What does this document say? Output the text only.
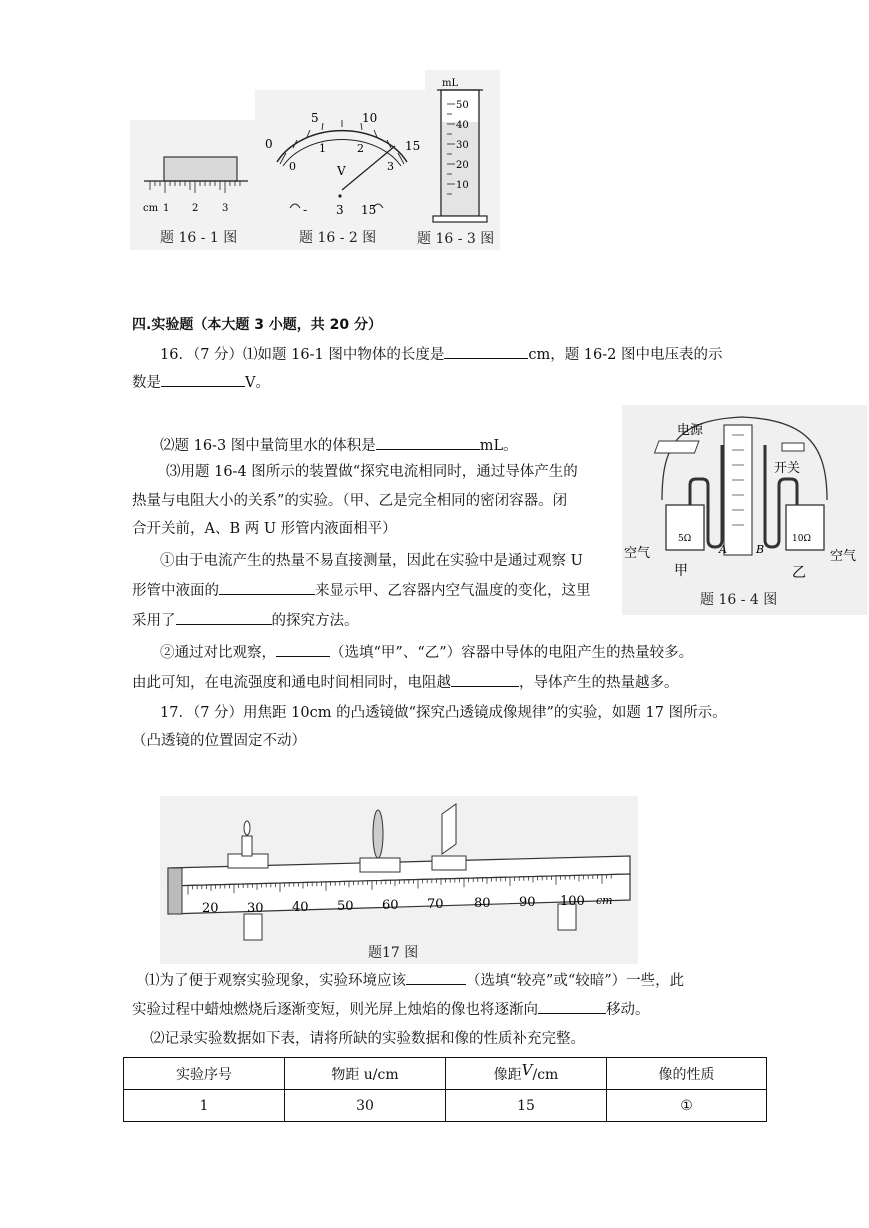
cm 1 2 3
题 16 - 1 图
0
5	10
15
0
1	2
3
V
- 3 15
题 16 - 2 图
mL
50
40
30
20
10
题 16 - 3 图
四.实验题（本大题 3 小题，共 20 分）
16．（7 分）⑴如题 16-1 图中物体的长度是	cm，题 16-2 图中电压表的示
数是	V。
⑵题 16-3 图中量筒里水的体积是	mL。
⑶用题 16-4 图所示的装置做“探究电流相同时，通过导体产生的
热量与电阻大小的关系”的实验。（甲、乙是完全相同的密闭容器。闭
合开关前，A、B 两 U 形管内液面相平）
①由于电流产生的热量不易直接测量，因此在实验中是通过观察 U
形管中液面的	来显示甲、乙容器内空气温度的变化，这里
采用了	的探究方法。
②通过对比观察，	（选填“甲”、“乙”）容器中导体的电阻产生的热量较多。
由此可知，在电流强度和通电时间相同时，电阻越	，导体产生的热量越多。
电源
开关
5Ω	10Ω
空气	空气
A	B
甲	乙
题 16 - 4 图
17．（7 分）用焦距 10cm 的凸透镜做“探究凸透镜成像规律”的实验，如题 17 图所示。
（凸透镜的位置固定不动）
20 30 40 50 60 70 80 90 100 cm
题17 图
⑴为了便于观察实验现象，实验环境应该	（选填“较亮”或“较暗”）一些，此
实验过程中蜡烛燃烧后逐渐变短，则光屏上烛焰的像也将逐渐向	移动。
⑵记录实验数据如下表，请将所缺的实验数据和像的性质补充完整。
实验序号	物距 u/cm	像距V/cm	像的性质
1	30	15	①
